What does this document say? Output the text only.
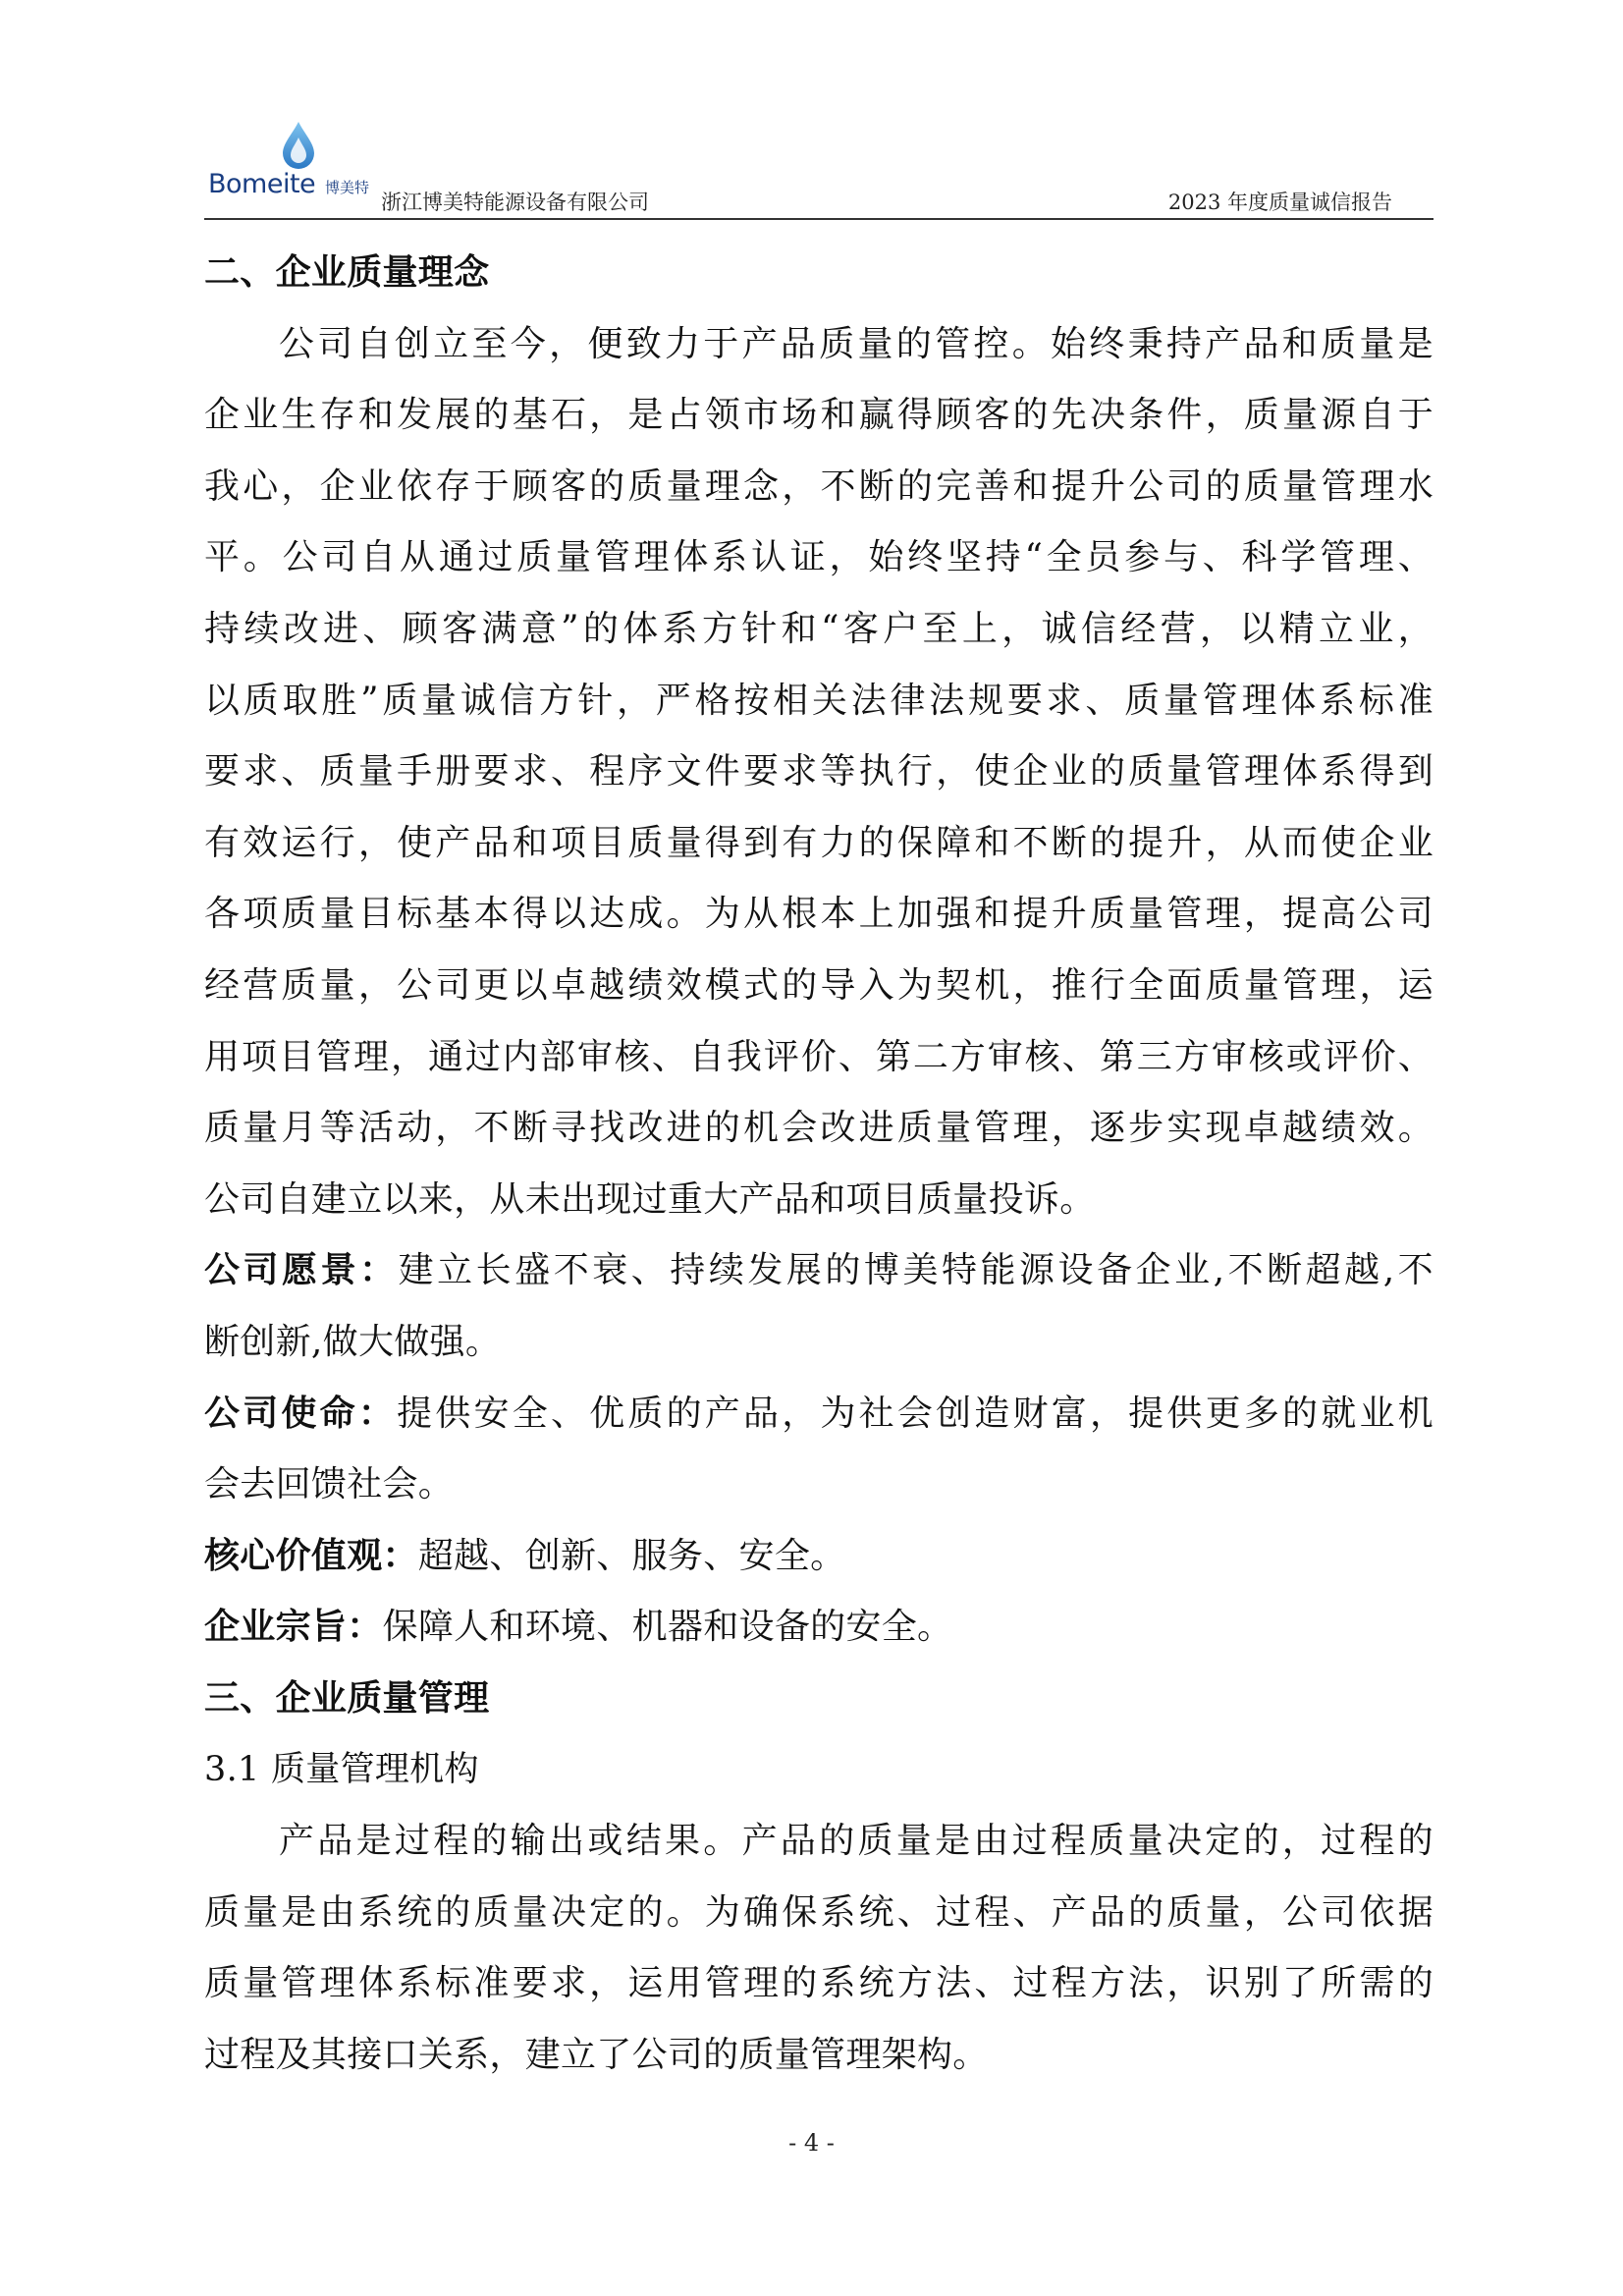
Bomeite 博美特
浙江博美特能源设备有限公司	2023 年度质量诚信报告
二、企业质量理念
公司自创立至今，便致力于产品质量的管控。始终秉持产品和质量是
企业生存和发展的基石，是占领市场和赢得顾客的先决条件，质量源自于
我心，企业依存于顾客的质量理念，不断的完善和提升公司的质量管理水
平。公司自从通过质量管理体系认证，始终坚持“全员参与、科学管理、
持续改进、顾客满意”的体系方针和“客户至上，诚信经营，以精立业，
以质取胜”质量诚信方针，严格按相关法律法规要求、质量管理体系标准
要求、质量手册要求、程序文件要求等执行，使企业的质量管理体系得到
有效运行，使产品和项目质量得到有力的保障和不断的提升，从而使企业
各项质量目标基本得以达成。为从根本上加强和提升质量管理，提高公司
经营质量，公司更以卓越绩效模式的导入为契机，推行全面质量管理，运
用项目管理，通过内部审核、自我评价、第二方审核、第三方审核或评价、
质量月等活动，不断寻找改进的机会改进质量管理，逐步实现卓越绩效。
公司自建立以来，从未出现过重大产品和项目质量投诉。
公司愿景：建立长盛不衰、持续发展的博美特能源设备企业,不断超越,不
断创新,做大做强。
公司使命：提供安全、优质的产品，为社会创造财富，提供更多的就业机
会去回馈社会。
核心价值观：超越、创新、服务、安全。
企业宗旨：保障人和环境、机器和设备的安全。
三、企业质量管理
3.1 质量管理机构
产品是过程的输出或结果。产品的质量是由过程质量决定的，过程的
质量是由系统的质量决定的。为确保系统、过程、产品的质量，公司依据
质量管理体系标准要求，运用管理的系统方法、过程方法，识别了所需的
过程及其接口关系，建立了公司的质量管理架构。
- 4 -
